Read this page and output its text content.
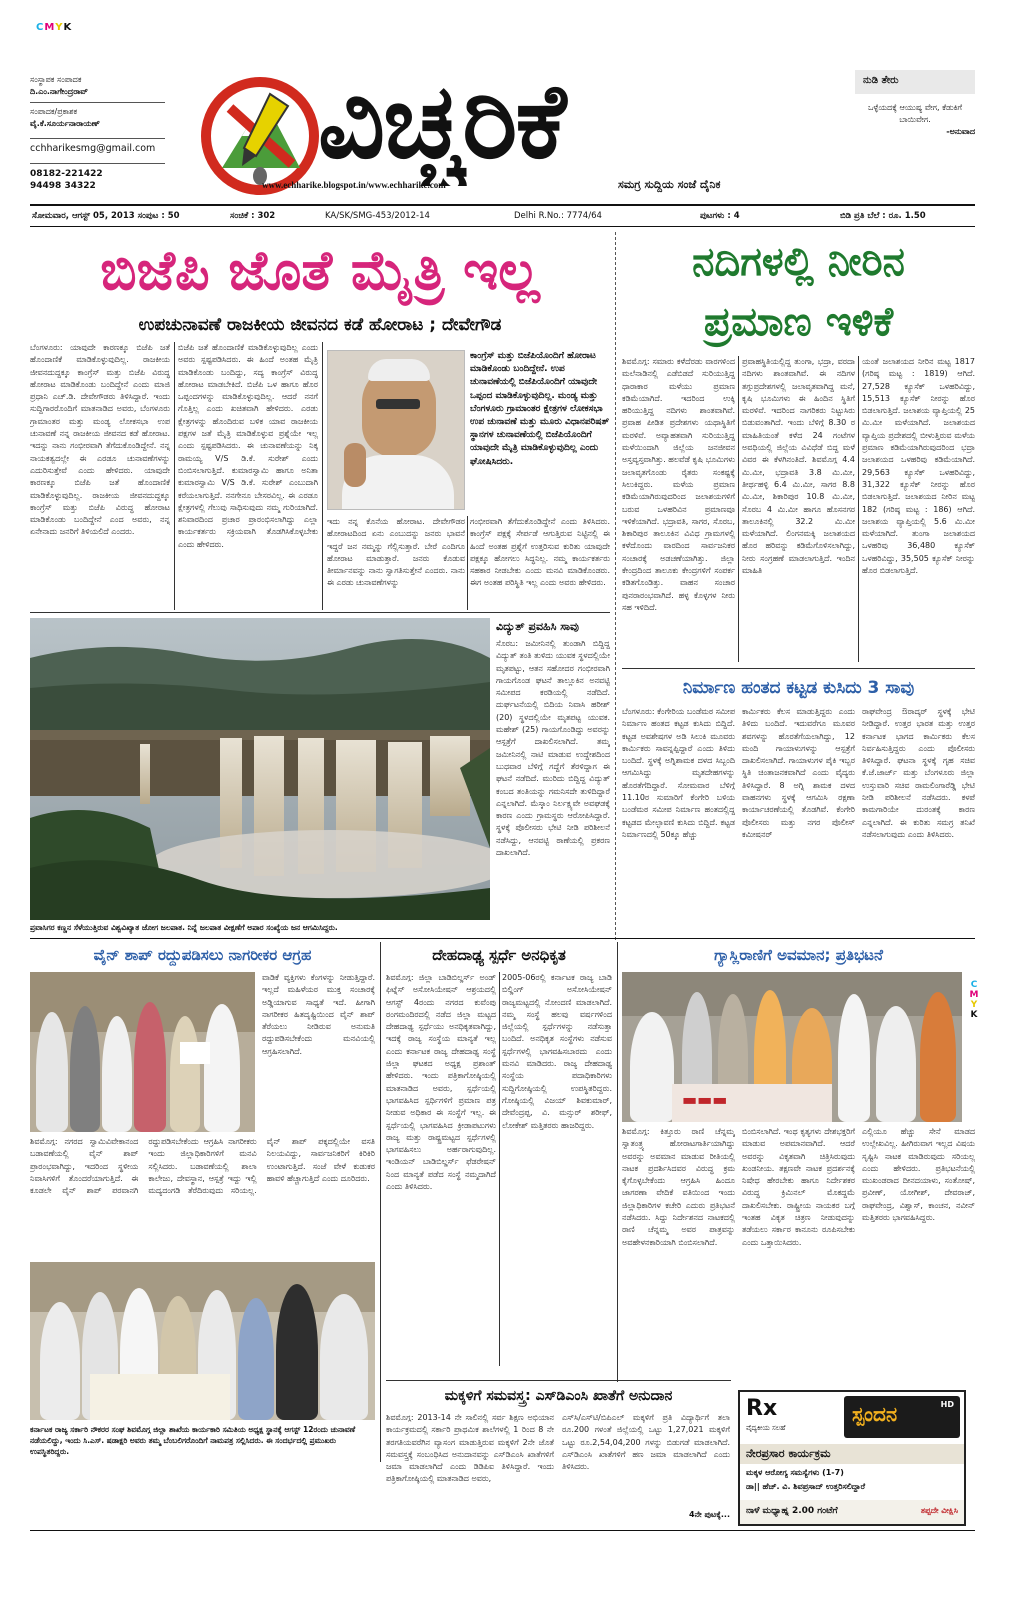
CMYK
ಸಂಸ್ಥಾಪಕ ಸಂಪಾದಕ
ದಿ.ಎಂ.ನಾಗೇಂದ್ರರಾವ್
ಸಂಪಾದಕ/ಪ್ರಕಾಶಕ
ವೈ.ಕೆ.ಸೂರ್ಯನಾರಾಯಣ್
cchharikesmg@gmail.com
08182-221422
94498 34322
ವಿಚ್ಚರಿಕೆ
www.echharike.blogspot.in/www.echharike.com	ಸಮಗ್ರ ಸುದ್ದಿಯ ಸಂಜೆ ದೈನಿಕ
ನುಡಿ ತೇರು
ಒಳ್ಳೆಯದಕ್ಕೆ ಆಯುಷ್ಯ ವೇಗ, ಕೆಡುಕಿಗೆ ಬಾಯಿವೇಗ.
-ಅನುವಾದ
ಸೋಮವಾರ, ಆಗಸ್ಟ್ 05, 2013 ಸಂಪುಟ : 50	ಸಂಚಿಕೆ : 302	KA/SK/SMG-453/2012-14	Delhi R.No.: 7774/64	ಪುಟಗಳು : 4	ಬಿಡಿ ಪ್ರತಿ ಬೆಲೆ : ರೂ. 1.50
ಬಿಜೆಪಿ ಜೊತೆ ಮೈತ್ರಿ ಇಲ್ಲ
ಉಪಚುನಾವಣೆ ರಾಜಕೀಯ ಜೀವನದ ಕಡೆ ಹೋರಾಟ ; ದೇವೇಗೌಡ
ಬೆಂಗಳೂರು: ಯಾವುದೇ ಕಾರಣಕ್ಕೂ ಬಿಜೆಪಿ ಜತೆ ಹೊಂದಾಣಿಕೆ ಮಾಡಿಕೊಳ್ಳುವುದಿಲ್ಲ. ರಾಜಕೀಯ ಜೀವನದುದ್ದಕ್ಕೂ ಕಾಂಗ್ರೆಸ್ ಮತ್ತು ಬಿಜೆಪಿ ವಿರುದ್ಧ ಹೋರಾಟ ಮಾಡಿಕೊಂಡು ಬಂದಿದ್ದೇನೆ ಎಂದು ಮಾಜಿ ಪ್ರಧಾನಿ ಎಚ್.ಡಿ. ದೇವೇಗೌಡರು ತಿಳಿಸಿದ್ದಾರೆ. ಇಂದು ಸುದ್ದಿಗಾರರೊಂದಿಗೆ ಮಾತನಾಡಿದ ಅವರು, ಬೆಂಗಳೂರು ಗ್ರಾಮಾಂತರ ಮತ್ತು ಮಂಡ್ಯ ಲೋಕಸಭಾ ಉಪ ಚುನಾವಣೆ ನನ್ನ ರಾಜಕೀಯ ಜೀವನದ ಕಡೆ ಹೋರಾಟ. ಇದನ್ನು ನಾನು ಗಂಭೀರವಾಗಿ ತೆಗೆದುಕೊಂಡಿದ್ದೇನೆ. ನನ್ನ ನಾಯಕತ್ವದಲ್ಲೇ ಈ ಎರಡೂ ಚುನಾವಣೆಗಳನ್ನು ಎದುರಿಸುತ್ತೇವೆ ಎಂದು ಹೇಳಿದರು. ಯಾವುದೇ ಕಾರಣಕ್ಕೂ ಬಿಜೆಪಿ ಜತೆ ಹೊಂದಾಣಿಕೆ ಮಾಡಿಕೊಳ್ಳುವುದಿಲ್ಲ. ರಾಜಕೀಯ ಜೀವನದುದ್ದಕ್ಕೂ ಕಾಂಗ್ರೆಸ್ ಮತ್ತು ಬಿಜೆಪಿ ವಿರುದ್ಧ ಹೋರಾಟ ಮಾಡಿಕೊಂಡು ಬಂದಿದ್ದೇನೆ ಎಂದ ಅವರು, ನನ್ನ ಏನೇನಾದು ಜನರಿಗೆ ತಿಳಿಯಲಿದೆ ಎಂದರು.
ಬಿಜೆಪಿ ಜತೆ ಹೊಂದಾಣಿಕೆ ಮಾಡಿಕೊಳ್ಳುವುದಿಲ್ಲ ಎಂದು ಅವರು ಸ್ಪಷ್ಟಪಡಿಸಿದರು. ಈ ಹಿಂದೆ ಅಂತಹ ಮೈತ್ರಿ ಮಾಡಿಕೊಂಡು ಬಂದಿದ್ದು, ಸದ್ಯ ಕಾಂಗ್ರೆಸ್ ವಿರುದ್ಧ ಹೋರಾಟ ಮಾಡಬೇಕಿದೆ. ಬಿಜೆಪಿ ಒಳ ಹಾಗೂ ಹೊರ ಒಪ್ಪಂದಗಳನ್ನು ಮಾಡಿಕೊಳ್ಳುವುದಿಲ್ಲ. ಆದರೆ ನನಗೆ ಗೊತ್ತಿಲ್ಲ ಎಂದು ಖಚಿತವಾಗಿ ಹೇಳಿದರು. ಎರಡು ಕ್ಷೇತ್ರಗಳನ್ನು ಹೊಂದಿರುವ ಬಳಿಕ ಯಾವ ರಾಜಕೀಯ ಪಕ್ಷಗಳ ಜತೆ ಮೈತ್ರಿ ಮಾಡಿಕೊಳ್ಳುವ ಪ್ರಶ್ನೆಯೇ ಇಲ್ಲ ಎಂದು ಸ್ಪಷ್ಟಪಡಿಸಿದರು. ಈ ಚುನಾವಣೆಯನ್ನು ನಿಕ್ಕ ರಾಮಯ್ಯ V/S ಡಿ.ಕೆ. ಸುರೇಶ್ ಎಂದು ಬಿಂಬಿಸಲಾಗುತ್ತಿದೆ. ಕುಮಾರಸ್ವಾಮಿ ಹಾಗೂ ಅನಿತಾ ಕುಮಾರಸ್ವಾಮಿ V/S ಡಿ.ಕೆ. ಸುರೇಶ್ ಎಂಬುದಾಗಿ ಕರೆಯಲಾಗುತ್ತಿದೆ. ನನಗೇನೂ ಬೇಸರವಿಲ್ಲ. ಈ ಎರಡೂ ಕ್ಷೇತ್ರಗಳಲ್ಲಿ ಗೆಲುವು ಸಾಧಿಸುವುದು ನಮ್ಮ ಗುರಿಯಾಗಿದೆ. ಶನಿವಾರದಿಂದ ಪ್ರಚಾರ ಪ್ರಾರಂಭಿಸಲಾಗಿದ್ದು ಎಲ್ಲಾ ಕಾರ್ಯಕರ್ತರು ಸಕ್ರಿಯವಾಗಿ ತೊಡಗಿಸಿಕೊಳ್ಳಬೇಕು ಎಂದು ಹೇಳಿದರು.
ಕಾಂಗ್ರೆಸ್ ಮತ್ತು ಬಿಜೆಪಿಯೊಂದಿಗೆ ಹೋರಾಟ ಮಾಡಿಕೊಂಡು ಬಂದಿದ್ದೇನೆ. ಉಪ ಚುನಾವಣೆಯಲ್ಲಿ ಬಿಜೆಪಿಯೊಂದಿಗೆ ಯಾವುದೇ ಒಪ್ಪಂದ ಮಾಡಿಕೊಳ್ಳುವುದಿಲ್ಲ. ಮಂಡ್ಯ ಮತ್ತು ಬೆಂಗಳೂರು ಗ್ರಾಮಾಂತರ ಕ್ಷೇತ್ರಗಳ ಲೋಕಸಭಾ ಉಪ ಚುನಾವಣೆ ಮತ್ತು ಮೂರು ವಿಧಾನಪರಿಷತ್ ಸ್ಥಾನಗಳ ಚುನಾವಣೆಯಲ್ಲಿ ಬಿಜೆಪಿಯೊಂದಿಗೆ ಯಾವುದೇ ಮೈತ್ರಿ ಮಾಡಿಕೊಳ್ಳುವುದಿಲ್ಲ ಎಂದು ಘೋಷಿಸಿದರು.
ಇದು ನನ್ನ ಕೊನೆಯ ಹೋರಾಟ. ದೇವೇಗೌಡರ ಹೋರಾಟದಿಂದ ಏನು ಎಂಬುದನ್ನು ಜನರು ಭಾವನೆ ಇದ್ದರೆ ಜನ ನಮ್ಮನ್ನು ಗೆಲ್ಲಿಸುತ್ತಾರೆ. ಬೇರೆ ಎಂದಿಗೂ ಹೋರಾಟ ಮಾಡುತ್ತಾರೆ. ಜನರು ಕೊಡುವ ತೀರ್ಮಾನವನ್ನು ನಾನು ಸ್ವಾಗತಿಸುತ್ತೇನೆ ಎಂದರು. ನಾನು ಈ ಎರಡು ಚುನಾವಣೆಗಳನ್ನು
ಗಂಭೀರವಾಗಿ ತೆಗೆದುಕೊಂಡಿದ್ದೇನೆ ಎಂದು ತಿಳಿಸಿದರು. ಕಾಂಗ್ರೆಸ್ ಪಕ್ಷಕ್ಕೆ ಸೇರ್ಪಡೆ ಆಗುತ್ತಿರುವ ನಿಟ್ಟಿನಲ್ಲಿ ಈ ಹಿಂದೆ ಅಂತಹ ಪ್ರಶ್ನೆಗೆ ಉತ್ತರಿಸುವ ಕುರಿತು ಯಾವುದೇ ಪಕ್ಷಕ್ಕೂ ಹೋಗಲು ಸಿದ್ಧನಿಲ್ಲ. ನಮ್ಮ ಕಾರ್ಯಕರ್ತರು ಸಹಕಾರ ನೀಡಬೇಕು ಎಂದು ಮನವಿ ಮಾಡಿಕೊಂಡರು. ಈಗ ಅಂತಹ ಪರಿಸ್ಥಿತಿ ಇಲ್ಲ ಎಂದು ಅವರು ಹೇಳಿದರು.
ನದಿಗಳಲ್ಲಿ ನೀರಿನ
ಪ್ರಮಾಣ ಇಳಿಕೆ
ಶಿವಮೊಗ್ಗ: ಸಮಾರು ಕಳೆದೆರಡು ವಾರಗಳಿಂದ ಮಲೆನಾಡಿನಲ್ಲಿ ಎಡೆಬಿಡದೆ ಸುರಿಯುತ್ತಿದ್ದ ಧಾರಾಕಾರ ಮಳೆಯು ಪ್ರಮಾಣ ಕಡಿಮೆಯಾಗಿದೆ. ಇದರಿಂದ ಉಕ್ಕಿ ಹರಿಯುತ್ತಿದ್ದ ನದಿಗಳು ಶಾಂತವಾಗಿವೆ. ಪ್ರವಾಹ ಪೀಡಿತ ಪ್ರದೇಶಗಳು ಯಥಾಸ್ಥಿತಿಗೆ ಮರಳಿವೆ. ಅವ್ಯಾಹತವಾಗಿ ಸುರಿಯುತ್ತಿದ್ದ ಮಳೆಯಿಂದಾಗಿ ಜಿಲ್ಲೆಯ ಜನಜೀವನ ಅಸ್ತವ್ಯಸ್ತವಾಗಿತ್ತು. ಹಲವೆಡೆ ಕೃಷಿ ಭೂಮಿಗಳು ಜಲಾವೃತಗೊಂಡು ರೈತರು ಸಂಕಷ್ಟಕ್ಕೆ ಸಿಲುಕಿದ್ದರು. ಮಳೆಯ ಪ್ರಮಾಣ ಕಡಿಮೆಯಾಗಿರುವುದರಿಂದ ಜಲಾಶಯಗಳಿಗೆ ಬರುವ ಒಳಹರಿವಿನ ಪ್ರಮಾಣವೂ ಇಳಿಕೆಯಾಗಿದೆ. ಭದ್ರಾವತಿ, ಸಾಗರ, ಸೊರಬ, ಶಿಕಾರಿಪುರ ತಾಲೂಕಿನ ವಿವಿಧ ಗ್ರಾಮಗಳಲ್ಲಿ ಕಳೆದೊಂದು ವಾರದಿಂದ ಸಾರ್ವಜನಿಕರ ಸಂಚಾರಕ್ಕೆ ಅಡಚಣೆಯಾಗಿತ್ತು. ಜಿಲ್ಲಾ ಕೇಂದ್ರದಿಂದ ತಾಲೂಕು ಕೇಂದ್ರಗಳಿಗೆ ಸಂಪರ್ಕ ಕಡಿತಗೊಂಡಿತ್ತು. ವಾಹನ ಸಂಚಾರ ಪುನರಾರಂಭವಾಗಿದೆ. ಹಳ್ಳ ಕೊಳ್ಳಗಳ ನೀರು ಸಹ ಇಳಿದಿದೆ.
ಪ್ರವಾಹಸ್ಥಿತಿಯಲ್ಲಿದ್ದ ತುಂಗಾ, ಭದ್ರಾ, ವರದಾ ನದಿಗಳು ಶಾಂತವಾಗಿವೆ. ಈ ನದಿಗಳ ತಗ್ಗುಪ್ರದೇಶಗಳಲ್ಲಿ ಜಲಾವೃತವಾಗಿದ್ದ ಮನೆ, ಕೃಷಿ ಭೂಮಿಗಳು ಈ ಹಿಂದಿನ ಸ್ಥಿತಿಗೆ ಮರಳಿವೆ. ಇದರಿಂದ ನಾಗರಿಕರು ನಿಟ್ಟುಸಿರು ಬಿಡುವಂತಾಗಿದೆ. ಇಂದು ಬೆಳಿಗ್ಗೆ 8.30 ರ ಮಾಹಿತಿಯಂತೆ ಕಳೆದ 24 ಗಂಟೆಗಳ ಅವಧಿಯಲ್ಲಿ ಜಿಲ್ಲೆಯ ವಿವಿಧೆಡೆ ಬಿದ್ದ ಮಳೆ ವಿವರ ಈ ಕೆಳಗಿನಂತಿದೆ. ಶಿವಮೊಗ್ಗ 4.4 ಮಿ.ಮೀ, ಭದ್ರಾವತಿ 3.8 ಮಿ.ಮೀ, ತೀರ್ಥಹಳ್ಳಿ 6.4 ಮಿ.ಮೀ, ಸಾಗರ 8.8 ಮಿ.ಮೀ, ಶಿಕಾರಿಪುರ 10.8 ಮಿ.ಮೀ, ಸೊರಬ 4 ಮಿ.ಮೀ ಹಾಗೂ ಹೊಸನಗರ ತಾಲೂಕಿನಲ್ಲಿ 32.2 ಮಿ.ಮೀ ಮಳೆಯಾಗಿದೆ. ಲಿಂಗನಮಕ್ಕಿ ಜಲಾಶಯದ ಹೊರ ಹರಿವನ್ನು ಕಡಿಮೆಗೊಳಿಸಲಾಗಿದ್ದು, ನೀರು ಸಂಗ್ರಹಣೆ ಮಾಡಲಾಗುತ್ತಿದೆ. ಇಂದಿನ ಮಾಹಿತಿ
ಯಂತೆ ಜಲಾಶಯದ ನೀರಿನ ಮಟ್ಟ 1817 (ಗರಿಷ್ಠ ಮಟ್ಟ : 1819) ಆಗಿದೆ. 27,528 ಕ್ಯೂಸೆಕ್ ಒಳಹರಿವಿದ್ದು, 15,513 ಕ್ಯೂಸೆಕ್ ನೀರನ್ನು ಹೊರ ಬಿಡಲಾಗುತ್ತಿದೆ. ಜಲಾಶಯ ವ್ಯಾಪ್ತಿಯಲ್ಲಿ 25 ಮಿ.ಮೀ ಮಳೆಯಾಗಿದೆ. ಜಲಾಶಯದ ವ್ಯಾಪ್ತಿಯ ಪ್ರದೇಶದಲ್ಲಿ ಬೀಳುತ್ತಿರುವ ಮಳೆಯ ಪ್ರಮಾಣ ಕಡಿಮೆಯಾಗಿರುವುದರಿಂದ ಭದ್ರಾ ಜಲಾಶಯದ ಒಳಹರಿವು ಕಡಿಮೆಯಾಗಿದೆ. 29,563 ಕ್ಯೂಸೆಕ್ ಒಳಹರಿವಿದ್ದು, 31,322 ಕ್ಯೂಸೆಕ್ ನೀರನ್ನು ಹೊರ ಬಿಡಲಾಗುತ್ತಿದೆ. ಜಲಾಶಯದ ನೀರಿನ ಮಟ್ಟ 182 (ಗರಿಷ್ಠ ಮಟ್ಟ : 186) ಆಗಿದೆ. ಜಲಾಶಯ ವ್ಯಾಪ್ತಿಯಲ್ಲಿ 5.6 ಮಿ.ಮೀ ಮಳೆಯಾಗಿದೆ. ತುಂಗಾ ಜಲಾಶಯದ ಒಳಹರಿವು 36,480 ಕ್ಯೂಸೆಕ್ ಒಳಹರಿವಿದ್ದು, 35,505 ಕ್ಯೂಸೆಕ್ ನೀರನ್ನು ಹೊರ ಬಿಡಲಾಗುತ್ತಿದೆ.
ಪ್ರವಾಸಿಗರ ಕಣ್ಣನ ಸೆಳೆಯುತ್ತಿರುವ ವಿಶ್ವವಿಖ್ಯಾತ ಜೋಗ ಜಲಪಾತ. ನಿನ್ನೆ ಜಲಪಾತ ವೀಕ್ಷಣೆಗೆ ಅಪಾರ ಸಂಖ್ಯೆಯ ಜನ ಆಗಮಿಸಿದ್ದರು.
ವಿದ್ಯುತ್ ಪ್ರವಹಿಸಿ ಸಾವು
ಸೊರಬ: ಜಮೀನಿನಲ್ಲಿ ತುಂಡಾಗಿ ಬಿದ್ದಿದ್ದ ವಿದ್ಯುತ್ ತಂತಿ ತುಳಿದು ಯುವಕ ಸ್ಥಳದಲ್ಲಿಯೇ ಮೃತಪಟ್ಟು, ಆತನ ಸಹೋದರ ಗಂಭೀರವಾಗಿ ಗಾಯಗೊಂಡ ಘಟನೆ ತಾಲ್ಲೂಕಿನ ಅನವಟ್ಟಿ ಸಮೀಪದ ಕರಡಿಯಲ್ಲಿ ನಡೆದಿದೆ. ದುರ್ಘಟನೆಯಲ್ಲಿ ಬಿದಿಯ ನಿವಾಸಿ ಹರೀಶ್ (20) ಸ್ಥಳದಲ್ಲಿಯೇ ಮೃತಪಟ್ಟ ಯುವಕ. ಮಹೇಶ್ (25) ಗಾಯಗೊಂಡಿದ್ದು ಅವರನ್ನು ಆಸ್ಪತ್ರೆಗೆ ದಾಖಲಿಸಲಾಗಿದೆ. ತಮ್ಮ ಜಮೀನಿನಲ್ಲಿ ನಾಟಿ ಮಾಡುವ ಉದ್ದೇಶದಿಂದ ಬುಧವಾರ ಬೆಳಿಗ್ಗೆ ಗದ್ದೆಗೆ ತೆರಳಿದ್ದಾಗ ಈ ಘಟನೆ ನಡೆದಿದೆ. ಮುರಿದು ಬಿದ್ದಿದ್ದ ವಿದ್ಯುತ್ ಕಂಬದ ತಂತಿಯನ್ನು ಗಮನಿಸದೇ ತುಳಿದಿದ್ದಾರೆ ಎನ್ನಲಾಗಿದೆ. ಮೆಸ್ಕಾಂ ನಿರ್ಲಕ್ಷ್ಯವೇ ಅವಘಡಕ್ಕೆ ಕಾರಣ ಎಂದು ಗ್ರಾಮಸ್ಥರು ಆರೋಪಿಸಿದ್ದಾರೆ. ಸ್ಥಳಕ್ಕೆ ಪೊಲೀಸರು ಭೇಟಿ ನೀಡಿ ಪರಿಶೀಲನೆ ನಡೆಸಿದ್ದು, ಆನವಟ್ಟಿ ಠಾಣೆಯಲ್ಲಿ ಪ್ರಕರಣ ದಾಖಲಾಗಿದೆ.
ನಿರ್ಮಾಣ ಹಂತದ ಕಟ್ಟಡ ಕುಸಿದು 3 ಸಾವು
ಬೆಂಗಳೂರು: ಕೆಂಗೇರಿಯ ಬಂಡೆಮಠ ಸಮೀಪ ನಿರ್ಮಾಣ ಹಂತದ ಕಟ್ಟಡ ಕುಸಿದು ಬಿದ್ದಿದೆ. ಕಟ್ಟಡ ಅವಶೇಷಗಳ ಅಡಿ ಸಿಲುಕಿ ಮೂವರು ಕಾರ್ಮಿಕರು ಸಾವನ್ನಪ್ಪಿದ್ದಾರೆ ಎಂದು ತಿಳಿದು ಬಂದಿದೆ. ಸ್ಥಳಕ್ಕೆ ಅಗ್ನಿಶಾಮಕ ದಳದ ಸಿಬ್ಬಂದಿ ಆಗಮಿಸಿದ್ದು ಮೃತದೇಹಗಳನ್ನು ಹೊರತೆಗೆದಿದ್ದಾರೆ. ಸೋಮವಾರ ಬೆಳಿಗ್ಗೆ 11.10ರ ಸುಮಾರಿಗೆ ಕೆಂಗೇರಿ ಬಳಿಯ ಬಂಡೆಮಠ ಸಮೀಪ ನಿರ್ಮಾಣ ಹಂತದಲ್ಲಿದ್ದ ಕಟ್ಟಡದ ಮೇಲ್ಛಾವಣಿ ಕುಸಿದು ಬಿದ್ದಿದೆ. ಕಟ್ಟಡ ನಿರ್ಮಾಣದಲ್ಲಿ 50ಕ್ಕೂ ಹೆಚ್ಚು
ಕಾರ್ಮಿಕರು ಕೆಲಸ ಮಾಡುತ್ತಿದ್ದರು ಎಂದು ತಿಳಿದು ಬಂದಿದೆ. ಇದುವರೆಗೂ ಮೂವರ ಶವಗಳನ್ನು ಹೊರತೆಗೆಯಲಾಗಿದ್ದು, 12 ಮಂದಿ ಗಾಯಾಳುಗಳನ್ನು ಆಸ್ಪತ್ರೆಗೆ ದಾಖಲಿಸಲಾಗಿದೆ. ಗಾಯಾಳುಗಳ ಪೈಕಿ ಇಬ್ಬರ ಸ್ಥಿತಿ ಚಿಂತಾಜನಕವಾಗಿದೆ ಎಂದು ವೈದ್ಯರು ತಿಳಿಸಿದ್ದಾರೆ. 8 ಅಗ್ನಿ ಶಾಮಕ ದಳದ ವಾಹನಗಳು ಸ್ಥಳಕ್ಕೆ ಆಗಮಿಸಿ ರಕ್ಷಣಾ ಕಾರ್ಯಾಚರಣೆಯಲ್ಲಿ ತೊಡಗಿವೆ. ಕೆಂಗೇರಿ ಪೊಲೀಸರು ಮತ್ತು ನಗರ ಪೊಲೀಸ್ ಕಮೀಷನರ್
ರಾಘವೇಂದ್ರ ಔರಾದ್ಕರ್ ಸ್ಥಳಕ್ಕೆ ಭೇಟಿ ನೀಡಿದ್ದಾರೆ. ಉತ್ತರ ಭಾರತ ಮತ್ತು ಉತ್ತರ ಕರ್ನಾಟಕ ಭಾಗದ ಕಾರ್ಮಿಕರು ಕೆಲಸ ನಿರ್ವಹಿಸುತ್ತಿದ್ದರು ಎಂದು ಪೊಲೀಸರು ತಿಳಿಸಿದ್ದಾರೆ. ಘಟನಾ ಸ್ಥಳಕ್ಕೆ ಗೃಹ ಸಚಿವ ಕೆ.ಜೆ.ಜಾರ್ಜ್ ಮತ್ತು ಬೆಂಗಳೂರು ಜಿಲ್ಲಾ ಉಸ್ತುವಾರಿ ಸಚಿವ ರಾಮಲಿಂಗಾರೆಡ್ಡಿ ಭೇಟಿ ನೀಡಿ ಪರಿಶೀಲನೆ ನಡೆಸಿದರು. ಕಳಪೆ ಕಾಮಗಾರಿಯೇ ದುರಂತಕ್ಕೆ ಕಾರಣ ಎನ್ನಲಾಗಿದೆ. ಈ ಕುರಿತು ಸಮಗ್ರ ತನಿಖೆ ನಡೆಸಲಾಗುವುದು ಎಂದು ತಿಳಿಸಿದರು.
ವೈನ್ ಶಾಪ್ ರದ್ದುಪಡಿಸಲು ನಾಗರೀಕರ ಆಗ್ರಹ
ವಾಡಿಕೆ ವ್ಯಕ್ತಿಗಳು ಕೆಂಗಳನ್ನು ನೀಡುತ್ತಿದ್ದಾರೆ. ಇಲ್ಲದೆ ಮಹಿಳೆಯರ ಮುಕ್ತ ಸಂಚಾರಕ್ಕೆ ಅಡ್ಡಿಯಾಗುವ ಸಾಧ್ಯತೆ ಇದೆ. ಹೀಗಾಗಿ ನಾಗರೀಕರ ಹಿತದೃಷ್ಟಿಯಿಂದ ವೈನ್ ಶಾಪ್ ತೆರೆಯಲು ನೀಡಿರುವ ಅನುಮತಿ ರದ್ದುಪಡಿಸಬೇಕೆಂದು ಮನವಿಯಲ್ಲಿ ಆಗ್ರಹಿಸಲಾಗಿದೆ.
ಶಿವಮೊಗ್ಗ: ನಗರದ ಸ್ವಾಮಿವಿವೇಕಾನಂದ ಬಡಾವಣೆಯಲ್ಲಿ ವೈನ್ ಶಾಪ್ ಪ್ರಾರಂಭವಾಗಿದ್ದು, ಇದರಿಂದ ಸ್ಥಳೀಯ ನಿವಾಸಿಗಳಿಗೆ ತೊಂದರೆಯಾಗುತ್ತಿದೆ. ಈ ಕೂಡಲೇ ವೈನ್ ಶಾಪ್ ಪರವಾನಗಿ ರದ್ದುಪಡಿಸಬೇಕೆಂದು ಆಗ್ರಹಿಸಿ ನಾಗರೀಕರು ಇಂದು ಜಿಲ್ಲಾಧಿಕಾರಿಗಳಿಗೆ ಮನವಿ ಸಲ್ಲಿಸಿದರು. ಬಡಾವಣೆಯಲ್ಲಿ ಶಾಲಾ ಕಾಲೇಜು, ದೇವಸ್ಥಾನ, ಆಸ್ಪತ್ರೆ ಇದ್ದು ಇಲ್ಲಿ ಮದ್ಯದಂಗಡಿ ತೆರೆದಿರುವುದು ಸರಿಯಲ್ಲ. ವೈನ್ ಶಾಪ್ ಪಕ್ಕದಲ್ಲಿಯೇ ವಸತಿ ನಿಲಯವಿದ್ದು, ಸಾರ್ವಜನಿಕರಿಗೆ ಕಿರಿಕಿರಿ ಉಂಟಾಗುತ್ತಿದೆ. ಸಂಜೆ ವೇಳೆ ಕುಡುಕರ ಹಾವಳಿ ಹೆಚ್ಚಾಗುತ್ತಿದೆ ಎಂದು ದೂರಿದರು.
ಕರ್ನಾಟಕ ರಾಜ್ಯ ಸರ್ಕಾರಿ ನೌಕರರ ಸಂಘ ಶಿವಮೊಗ್ಗ ಜಿಲ್ಲಾ ಶಾಖೆಯ ಕಾರ್ಯಕಾರಿ ಸಮಿತಿಯ ಅಧ್ಯಕ್ಷ ಸ್ಥಾನಕ್ಕೆ ಆಗಸ್ಟ್ 12ರಂದು ಚುನಾವಣೆ ನಡೆಯಲಿದ್ದು, ಇಂದು ಸಿ.ಎಸ್. ಷಡಾಕ್ಷರಿ ಅವರು ತಮ್ಮ ಬೆಂಬಲಿಗರೊಂದಿಗೆ ನಾಮಪತ್ರ ಸಲ್ಲಿಸಿದರು. ಈ ಸಂದರ್ಭದಲ್ಲಿ ಪ್ರಮುಖರು ಉಪಸ್ಥಿತರಿದ್ದರು.
ದೇಹದಾಢ್ಯ ಸ್ಪರ್ಧೆ ಅನಧಿಕೃತ
ಶಿವಮೊಗ್ಗ: ಜಿಲ್ಲಾ ಬಾಡಿಬಿಲ್ಡರ್ಸ್ ಅಂಡ್ ಫಿಟ್ನೆಸ್ ಅಸೋಸಿಯೇಷನ್ ಆಶ್ರಯದಲ್ಲಿ ಆಗಸ್ಟ್ 4ರಂದು ನಗರದ ಕುವೆಂಪು ರಂಗಮಂದಿರದಲ್ಲಿ ನಡೆದ ಜಿಲ್ಲಾ ಮಟ್ಟದ ದೇಹದಾಢ್ಯ ಸ್ಪರ್ಧೆಯು ಅನಧಿಕೃತವಾಗಿದ್ದು, ಇದಕ್ಕೆ ರಾಜ್ಯ ಸಂಸ್ಥೆಯ ಮಾನ್ಯತೆ ಇಲ್ಲ ಎಂದು ಕರ್ನಾಟಕ ರಾಜ್ಯ ದೇಹದಾಢ್ಯ ಸಂಸ್ಥೆ ಜಿಲ್ಲಾ ಘಟಕದ ಅಧ್ಯಕ್ಷ ಪ್ರಶಾಂತ್ ಹೇಳಿದರು. ಇಂದು ಪತ್ರಿಕಾಗೋಷ್ಠಿಯಲ್ಲಿ ಮಾತನಾಡಿದ ಅವರು, ಸ್ಪರ್ಧೆಯಲ್ಲಿ ಭಾಗವಹಿಸಿದ ಸ್ಪರ್ಧಿಗಳಿಗೆ ಪ್ರಮಾಣ ಪತ್ರ ನೀಡುವ ಅಧಿಕಾರ ಈ ಸಂಸ್ಥೆಗೆ ಇಲ್ಲ. ಈ ಸ್ಪರ್ಧೆಯಲ್ಲಿ ಭಾಗವಹಿಸಿದ ಕ್ರೀಡಾಪಟುಗಳು ರಾಜ್ಯ ಮತ್ತು ರಾಷ್ಟ್ರಮಟ್ಟದ ಸ್ಪರ್ಧೆಗಳಲ್ಲಿ ಭಾಗವಹಿಸಲು ಅರ್ಹರಾಗುವುದಿಲ್ಲ. ಇಂಡಿಯನ್ ಬಾಡಿಬಿಲ್ಡರ್ಸ್ ಫೆಡರೇಷನ್ ನಿಂದ ಮಾನ್ಯತೆ ಪಡೆದ ಸಂಸ್ಥೆ ನಮ್ಮದಾಗಿದೆ ಎಂದು ತಿಳಿಸಿದರು.
2005-06ರಲ್ಲಿ ಕರ್ನಾಟಕ ರಾಜ್ಯ ಬಾಡಿ ಬಿಲ್ಡಿಂಗ್ ಅಸೋಸಿಯೇಷನ್ ರಾಜ್ಯಮಟ್ಟದಲ್ಲಿ ನೋಂದಣಿ ಮಾಡಲಾಗಿದೆ. ನಮ್ಮ ಸಂಸ್ಥೆ ಹಲವು ವರ್ಷಗಳಿಂದ ಜಿಲ್ಲೆಯಲ್ಲಿ ಸ್ಪರ್ಧೆಗಳನ್ನು ನಡೆಸುತ್ತಾ ಬಂದಿದೆ. ಅನಧಿಕೃತ ಸಂಸ್ಥೆಗಳು ನಡೆಸುವ ಸ್ಪರ್ಧೆಗಳಲ್ಲಿ ಭಾಗವಹಿಸಬಾರದು ಎಂದು ಮನವಿ ಮಾಡಿದರು. ರಾಜ್ಯ ದೇಹದಾಢ್ಯ ಸಂಸ್ಥೆಯ ಪದಾಧಿಕಾರಿಗಳು ಸುದ್ದಿಗೋಷ್ಠಿಯಲ್ಲಿ ಉಪಸ್ಥಿತರಿದ್ದರು. ಗೋಷ್ಠಿಯಲ್ಲಿ ವಿಜಯ್ ಶಿವಕುಮಾರ್, ದೇವೆಂದ್ರಪ್ಪ, ವಿ. ಮನ್ಸುರ್ ಶರೀಫ್, ಲೋಕೇಶ್ ಮತ್ತಿತರರು ಹಾಜರಿದ್ದರು.
ಗ್ಯಾಸ್ಲಿರಾಣಿಗೆ ಅವಮಾನ; ಪ್ರತಿಭಟನೆ
▬▬▬
C
M
Y
K
ಶಿವಮೊಗ್ಗ: ಕಿತ್ತೂರು ರಾಣಿ ಚೆನ್ನಮ್ಮ ಸ್ವಾತಂತ್ರ್ಯ ಹೋರಾಟಗಾರ್ತಿಯಾಗಿದ್ದು ಅವರನ್ನು ಅವಮಾನ ಮಾಡುವ ರೀತಿಯಲ್ಲಿ ನಾಟಕ ಪ್ರದರ್ಶಿಸಿದವರ ವಿರುದ್ಧ ಕ್ರಮ ಕೈಗೊಳ್ಳಬೇಕೆಂದು ಆಗ್ರಹಿಸಿ ಹಿಂದೂ ಜಾಗರಣಾ ವೇದಿಕೆ ವತಿಯಿಂದ ಇಂದು ಜಿಲ್ಲಾಧಿಕಾರಿಗಳ ಕಚೇರಿ ಎದುರು ಪ್ರತಿಭಟನೆ ನಡೆಸಿದರು. ಸಿದ್ದು ನಿರ್ದೇಶನದ ನಾಟಕದಲ್ಲಿ ರಾಣಿ ಚೆನ್ನಮ್ಮ ಅವರ ಪಾತ್ರವನ್ನು ಅವಹೇಳನಕಾರಿಯಾಗಿ ಬಿಂಬಿಸಲಾಗಿದೆ.
ಬಿಂಬಿಸಲಾಗಿದೆ. ಇಂಥ ಕೃತ್ಯಗಳು ದೇಶಭಕ್ತರಿಗೆ ಮಾಡುವ ಅಪಮಾನವಾಗಿದೆ. ಆದರೆ ಅವರನ್ನು ವಿಕೃತವಾಗಿ ಚಿತ್ರಿಸಿರುವುದು ಖಂಡನೀಯ. ತಕ್ಷಣವೇ ನಾಟಕ ಪ್ರದರ್ಶನಕ್ಕೆ ನಿಷೇಧ ಹೇರಬೇಕು ಹಾಗೂ ನಿರ್ದೇಶಕರ ವಿರುದ್ಧ ಕ್ರಿಮಿನಲ್ ಮೊಕದ್ದಮೆ ದಾಖಲಿಸಬೇಕು. ರಾಷ್ಟ್ರೀಯ ನಾಯಕರ ಬಗ್ಗೆ ಇಂತಹ ವಿಕೃತ ಚಿತ್ರಣ ನೀಡುವುದನ್ನು ತಡೆಯಲು ಸರ್ಕಾರ ಕಾನೂನು ರೂಪಿಸಬೇಕು ಎಂದು ಒತ್ತಾಯಿಸಿದರು.
ಎಲ್ಲಿಯೂ ಹೆಚ್ಚು ಸೇನೆ ಮಾಡದ ಉಲ್ಲೇಖವಿಲ್ಲ. ಹೀಗಿರುವಾಗ ಇಲ್ಲದ ವಿಷಯ ಸೃಷ್ಟಿಸಿ ನಾಟಕ ಮಾಡಿರುವುದು ಸರಿಯಲ್ಲ ಎಂದು ಹೇಳಿದರು. ಪ್ರತಿಭಟನೆಯಲ್ಲಿ ಮುಖಂಡರಾದ ದೀನದಯಾಳು, ಸಂತೋಷ್, ಪ್ರವೀಣ್, ಯೋಗೀಶ್, ದೇವರಾಜ್, ರಾಘವೇಂದ್ರ, ವಿಶ್ವಾಸ್, ಕಾಂಚನ, ನವೀನ್ ಮತ್ತಿತರರು ಭಾಗವಹಿಸಿದ್ದರು.
ಮಕ್ಕಳಿಗೆ ಸಮವಸ್ತ್ರ: ಎಸ್‌ಡಿಎಂಸಿ ಖಾತೆಗೆ ಅನುದಾನ
ಶಿವಮೊಗ್ಗ: 2013-14 ನೇ ಸಾಲಿನಲ್ಲಿ ಸರ್ವ ಶಿಕ್ಷಣ ಅಭಿಯಾನ ಕಾರ್ಯಕ್ರಮದಲ್ಲಿ ಸರ್ಕಾರಿ ಪ್ರಾಥಮಿಕ ಶಾಲೆಗಳಲ್ಲಿ 1 ರಿಂದ 8 ನೇ ತರಗತಿಯವರೆಗಿನ ವ್ಯಾಸಂಗ ಮಾಡುತ್ತಿರುವ ಮಕ್ಕಳಿಗೆ 2ನೇ ಜೊತೆ ಸಮವಸ್ತ್ರಕ್ಕೆ ಸಂಬಂಧಿಸಿದ ಅನುದಾನವನ್ನು ಎಸ್‌ಡಿಎಂಸಿ ಖಾತೆಗಳಿಗೆ ಜಮಾ ಮಾಡಲಾಗಿದೆ ಎಂದು ಡಿಡಿಪಿಐ ತಿಳಿಸಿದ್ದಾರೆ. ಇಂದು ಪತ್ರಿಕಾಗೋಷ್ಠಿಯಲ್ಲಿ ಮಾತನಾಡಿದ ಅವರು,
ಎಸ್‌ಸಿ/ಎಸ್‌ಟಿ/ಬಿಪಿಎಲ್ ಮಕ್ಕಳಿಗೆ ಪ್ರತಿ ವಿದ್ಯಾರ್ಥಿಗೆ ತಲಾ ರೂ.200 ಗಳಂತೆ ಜಿಲ್ಲೆಯಲ್ಲಿ ಒಟ್ಟು 1,27,021 ಮಕ್ಕಳಿಗೆ ಒಟ್ಟು ರೂ.2,54,04,200 ಗಳನ್ನು ಬಿಡುಗಡೆ ಮಾಡಲಾಗಿದೆ. ಎಸ್‌ಡಿಎಂಸಿ ಖಾತೆಗಳಿಗೆ ಹಣ ಜಮಾ ಮಾಡಲಾಗಿದೆ ಎಂದು ತಿಳಿಸಿದರು.
4ನೇ ಪುಟಕ್ಕೆ...
Rx
ವೈದ್ಯಕೀಯ ಸಲಹೆ
ಸ್ಪಂದನ	HD
ನೇರಪ್ರಸಾರ ಕಾರ್ಯಕ್ರಮ
ಮಕ್ಕಳ ಆರೋಗ್ಯ ಸಮಸ್ಯೆಗಳು (1-7)
ಡಾ|| ಹೆಚ್. ವಿ. ಶಿವಪ್ರಸಾದ್ ಉತ್ತರಿಸಲಿದ್ದಾರೆ
ನಾಳೆ ಮಧ್ಯಾಹ್ನ 2.00 ಗಂಟೆಗೆ	ತಪ್ಪದೇ ವೀಕ್ಷಿಸಿ
